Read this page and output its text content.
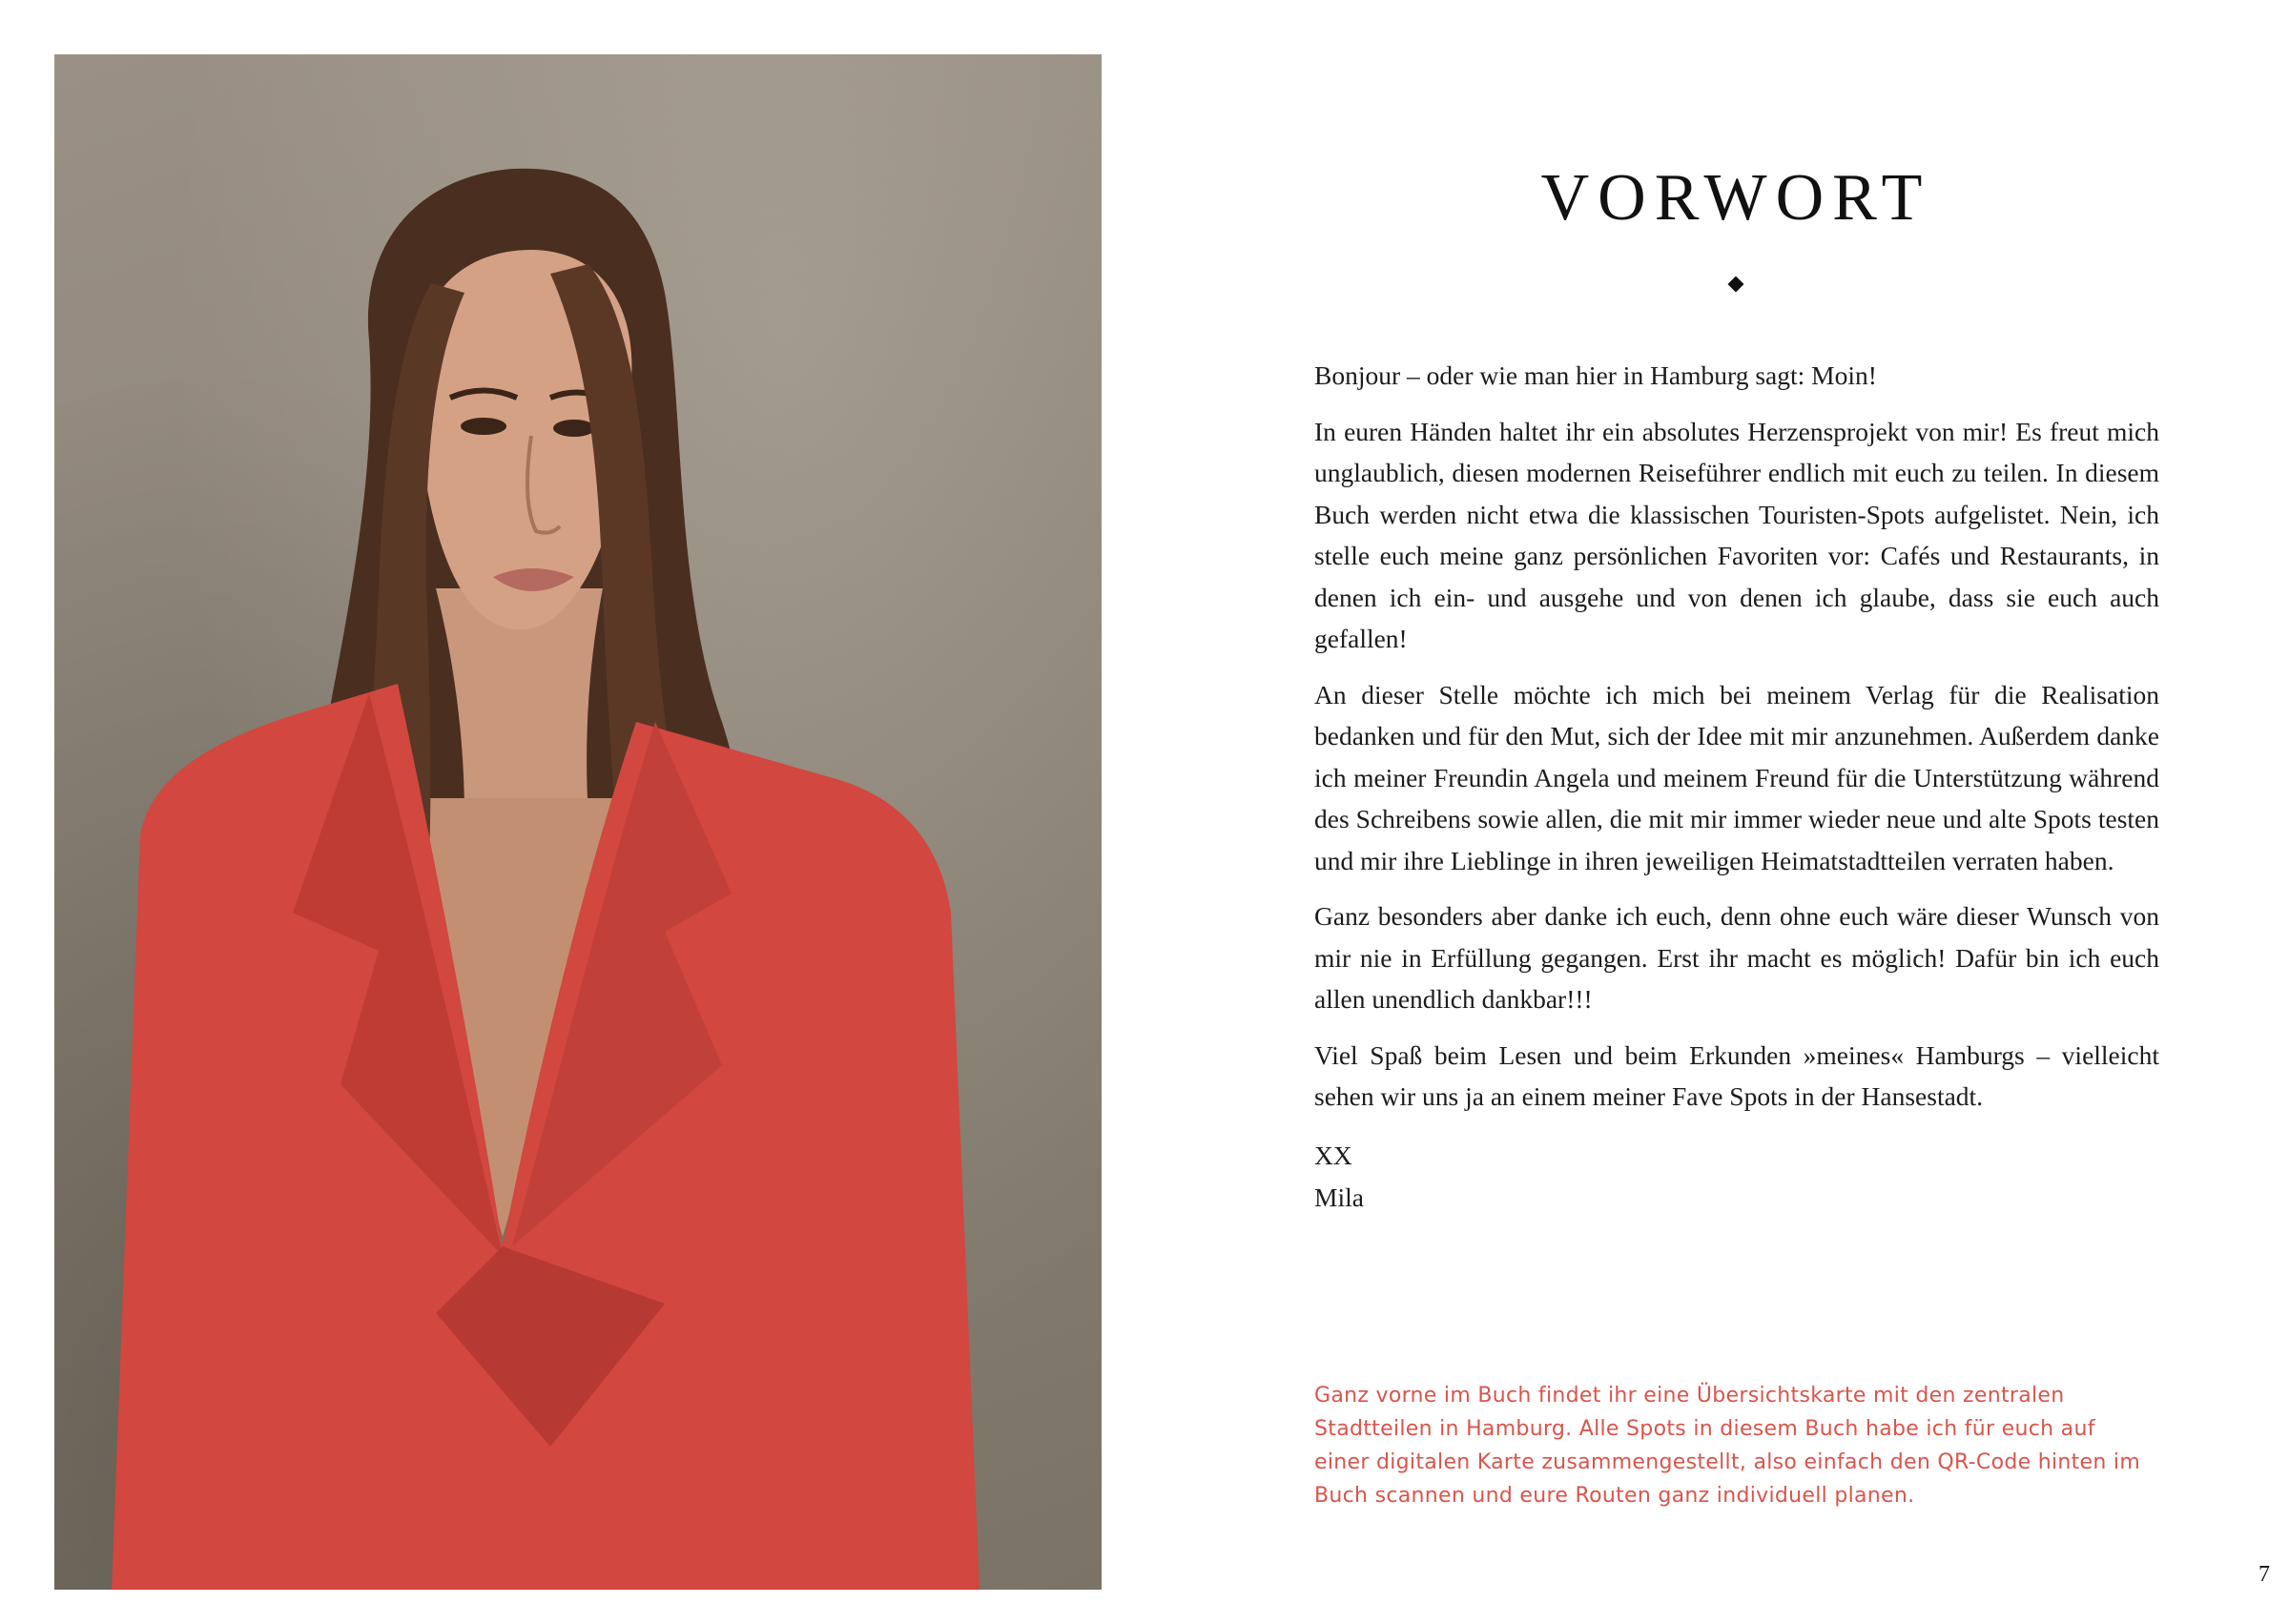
VORWORT

Bonjour – oder wie man hier in Hamburg sagt: Moin!

In euren Händen haltet ihr ein absolutes Herzensprojekt von mir! Es freut mich unglaublich, diesen modernen Reiseführer endlich mit euch zu teilen. In diesem Buch werden nicht etwa die klassischen Touristen-Spots aufgelistet. Nein, ich stelle euch meine ganz persönlichen Favoriten vor: Cafés und Restaurants, in denen ich ein- und ausgehe und von denen ich glaube, dass sie euch auch gefallen!

An dieser Stelle möchte ich mich bei meinem Verlag für die Realisation bedanken und für den Mut, sich der Idee mit mir anzunehmen. Außerdem danke ich meiner Freundin Angela und meinem Freund für die Unterstützung während des Schreibens sowie allen, die mit mir immer wieder neue und alte Spots testen und mir ihre Lieblinge in ihren jeweiligen Heimatstadtteilen verraten haben.

Ganz besonders aber danke ich euch, denn ohne euch wäre dieser Wunsch von mir nie in Erfüllung gegangen. Erst ihr macht es möglich! Dafür bin ich euch allen unendlich dankbar!!!

Viel Spaß beim Lesen und beim Erkunden »meines« Hamburgs – vielleicht sehen wir uns ja an einem meiner Fave Spots in der Hansestadt.

XX
Mila
Ganz vorne im Buch findet ihr eine Übersichtskarte mit den zentralen Stadtteilen in Hamburg. Alle Spots in diesem Buch habe ich für euch auf einer digitalen Karte zusammengestellt, also einfach den QR-Code hinten im Buch scannen und eure Routen ganz individuell planen.
7
